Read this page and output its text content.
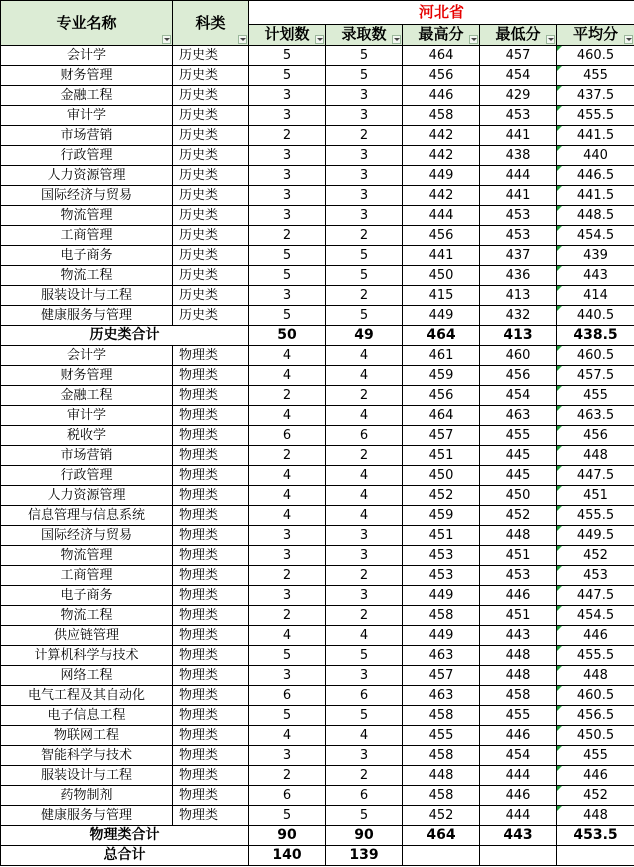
专业名称	科类	河北省				
		计划数	录取数	最高分	最低分	平均分

会计学	历史类	5	5	464	457	460.5
财务管理	历史类	5	5	456	454	455
金融工程	历史类	3	3	446	429	437.5
审计学	历史类	3	3	458	453	455.5
市场营销	历史类	2	2	442	441	441.5
行政管理	历史类	3	3	442	438	440
人力资源管理	历史类	3	3	449	444	446.5
国际经济与贸易	历史类	3	3	442	441	441.5
物流管理	历史类	3	3	444	453	448.5
工商管理	历史类	2	2	456	453	454.5
电子商务	历史类	5	5	441	437	439
物流工程	历史类	5	5	450	436	443
服装设计与工程	历史类	3	2	415	413	414
健康服务与管理	历史类	5	5	449	432	440.5
历史类合计		50	49	464	413	438.5
会计学	物理类	4	4	461	460	460.5
财务管理	物理类	4	4	459	456	457.5
金融工程	物理类	2	2	456	454	455
审计学	物理类	4	4	464	463	463.5
税收学	物理类	6	6	457	455	456
市场营销	物理类	2	2	451	445	448
行政管理	物理类	4	4	450	445	447.5
人力资源管理	物理类	4	4	452	450	451
信息管理与信息系统	物理类	4	4	459	452	455.5
国际经济与贸易	物理类	3	3	451	448	449.5
物流管理	物理类	3	3	453	451	452
工商管理	物理类	2	2	453	453	453
电子商务	物理类	3	3	449	446	447.5
物流工程	物理类	2	2	458	451	454.5
供应链管理	物理类	4	4	449	443	446
计算机科学与技术	物理类	5	5	463	448	455.5
网络工程	物理类	3	3	457	448	448
电气工程及其自动化	物理类	6	6	463	458	460.5
电子信息工程	物理类	5	5	458	455	456.5
物联网工程	物理类	4	4	455	446	450.5
智能科学与技术	物理类	3	3	458	454	455
服装设计与工程	物理类	2	2	448	444	446
药物制剂	物理类	6	6	458	446	452
健康服务与管理	物理类	5	5	452	444	448
物理类合计		90	90	464	443	453.5
总合计		140	139			
